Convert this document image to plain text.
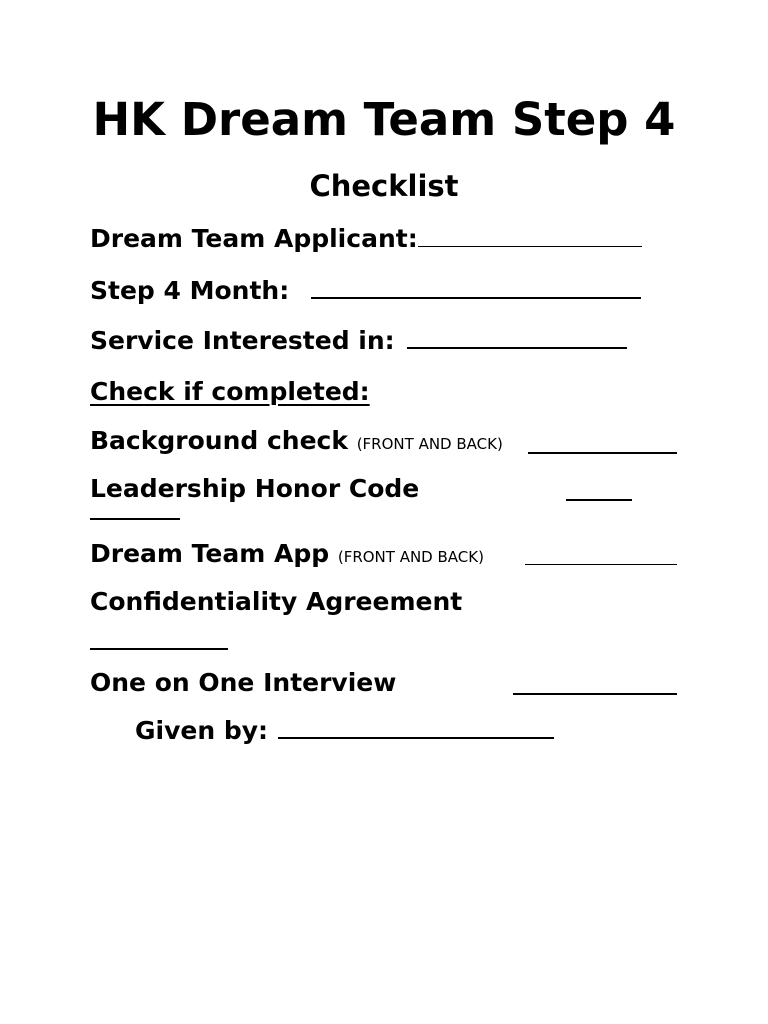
HK Dream Team Step 4
Checklist
Dream Team Applicant:
Step 4 Month:
Service Interested in:
Check if completed:
Background check (FRONT AND BACK)
Leadership Honor Code
Dream Team App (FRONT AND BACK)
Confidentiality Agreement
One on One Interview
Given by:
